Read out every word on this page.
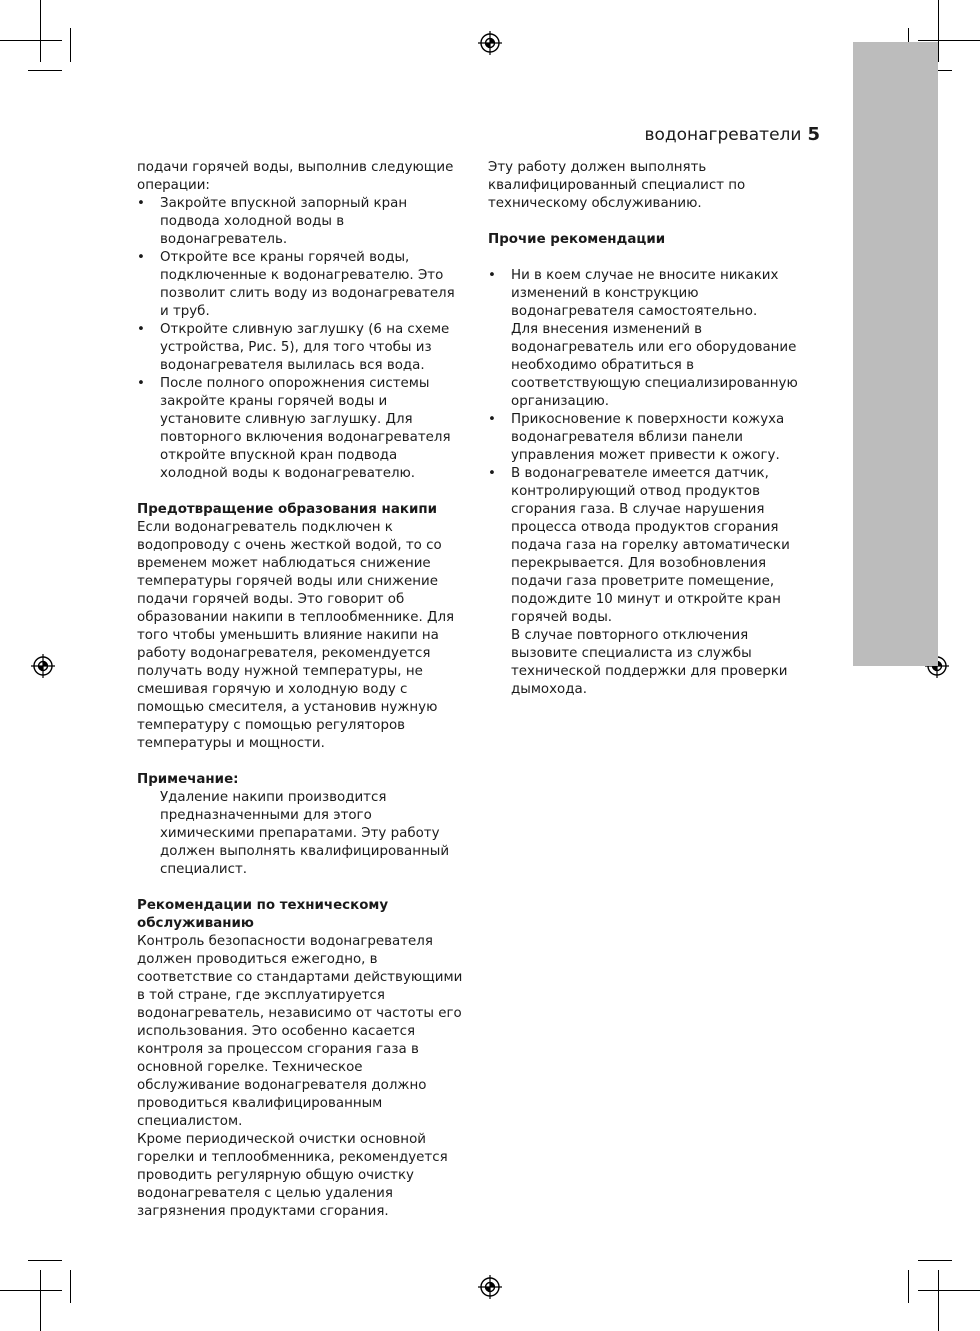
водонагреватели 5

подачи горячей воды, выполнив следующие операции:

• Закройте впускной запорный кран подвода холодной воды в водонагреватель.
• Откройте все краны горячей воды, подключенные к водонагревателю. Это позволит слить воду из водонагревателя и труб.
• Откройте сливную заглушку (6 на схеме устройства, Рис. 5), для того чтобы из водонагревателя вылилась вся вода.
• После полного опорожнения системы закройте краны горячей воды и установите сливную заглушку. Для повторного включения водонагревателя откройте впускной кран подвода холодной воды к водонагревателю.
Предотвращение образования накипи

Если водонагреватель подключен к водопроводу с очень жесткой водой, то со временем может наблюдаться снижение температуры горячей воды или снижение подачи горячей воды. Это говорит об образовании накипи в теплообменнике. Для того чтобы уменьшить влияние накипи на работу водонагревателя, рекомендуется получать воду нужной температуры, не смешивая горячую и холодную воду с помощью смесителя, а установив нужную температуру с помощью регуляторов температуры и мощности.

Примечание:

Удаление накипи производится предназначенными для этого химическими препаратами. Эту работу должен выполнять квалифицированный специалист.

Рекомендации по техническому обслуживанию

Контроль безопасности водонагревателя должен проводиться ежегодно, в соответствие со стандартами действующими в той стране, где эксплуатируется водонагреватель, независимо от частоты его использования. Это особенно касается контроля за процессом сгорания газа в основной горелке. Техническое обслуживание водонагревателя должно проводиться квалифицированным специалистом.

Кроме периодической очистки основной горелки и теплообменника, рекомендуется проводить регулярную общую очистку водонагревателя с целью удаления загрязнения продуктами сгорания.

Эту работу должен выполнять квалифицированный специалист по техническому обслуживанию.

Прочие рекомендации
• Ни в коем случае не вносите никаких изменений в конструкцию водонагревателя самостоятельно.
Для внесения изменений в водонагреватель или его оборудование необходимо обратиться в соответствующую специализированную организацию.
• Прикосновение к поверхности кожуха водонагревателя вблизи панели управления может привести к ожогу.
• В водонагревателе имеется датчик, контролирующий отвод продуктов сгорания газа. В случае нарушения процесса отвода продуктов сгорания подача газа на горелку автоматически перекрывается. Для возобновления подачи газа проветрите помещение, подождите 10 минут и откройте кран горячей воды.
В случае повторного отключения вызовите специалиста из службы технической поддержки для проверки дымохода.
